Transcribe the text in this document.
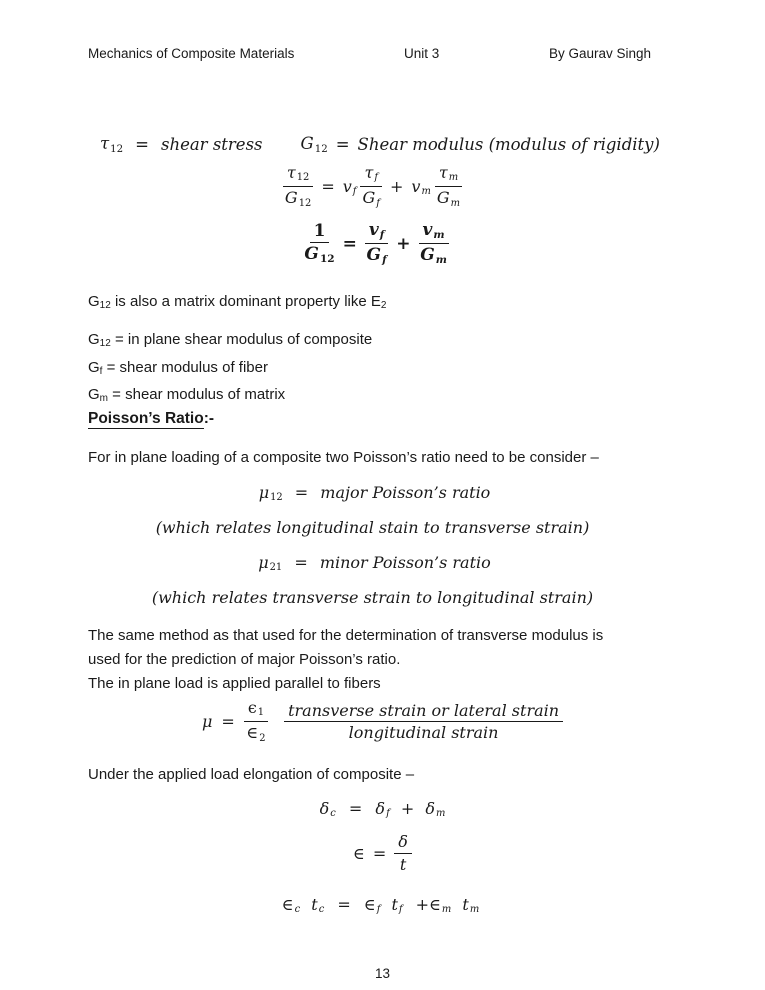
Mechanics of Composite Materials	Unit 3	By Gaurav Singh
τ12 = shear stress G12 = Shear modulus (modulus of rigidity)
$\frac{\tau 12}{G12}$ = vf $\frac{\tau f}{Gf}$ + vm $\frac{\tau m}{Gm}$
$\frac{1}{G12} = \frac{vf}{Gf} + \frac{vm}{Gm}$
G12 is also a matrix dominant property like E2
G12 = in plane shear modulus of composite
Gf = shear modulus of fiber
Gm = shear modulus of matrix
Poisson’s Ratio:-
For in plane loading of a composite two Poisson’s ratio need to be consider –
μ12 = major Poisson’s ratio
(which relates longitudinal stain to transverse strain)
μ21 = minor Poisson’s ratio
(which relates transverse strain to longitudinal strain)
The same method as that used for the determination of transverse modulus is used for the prediction of major Poisson’s ratio.
The in plane load is applied parallel to fibers
$\mu = \frac{\epsilon 1}{\in 2} \frac{\text{transverse strain or lateral strain}}{\text{longitudinal strain}}$
Under the applied load elongation of composite –
δc = δf + δm
∈ = $\frac{\delta}{t}$
∈c tc = ∈f tf +∈m tm
13
